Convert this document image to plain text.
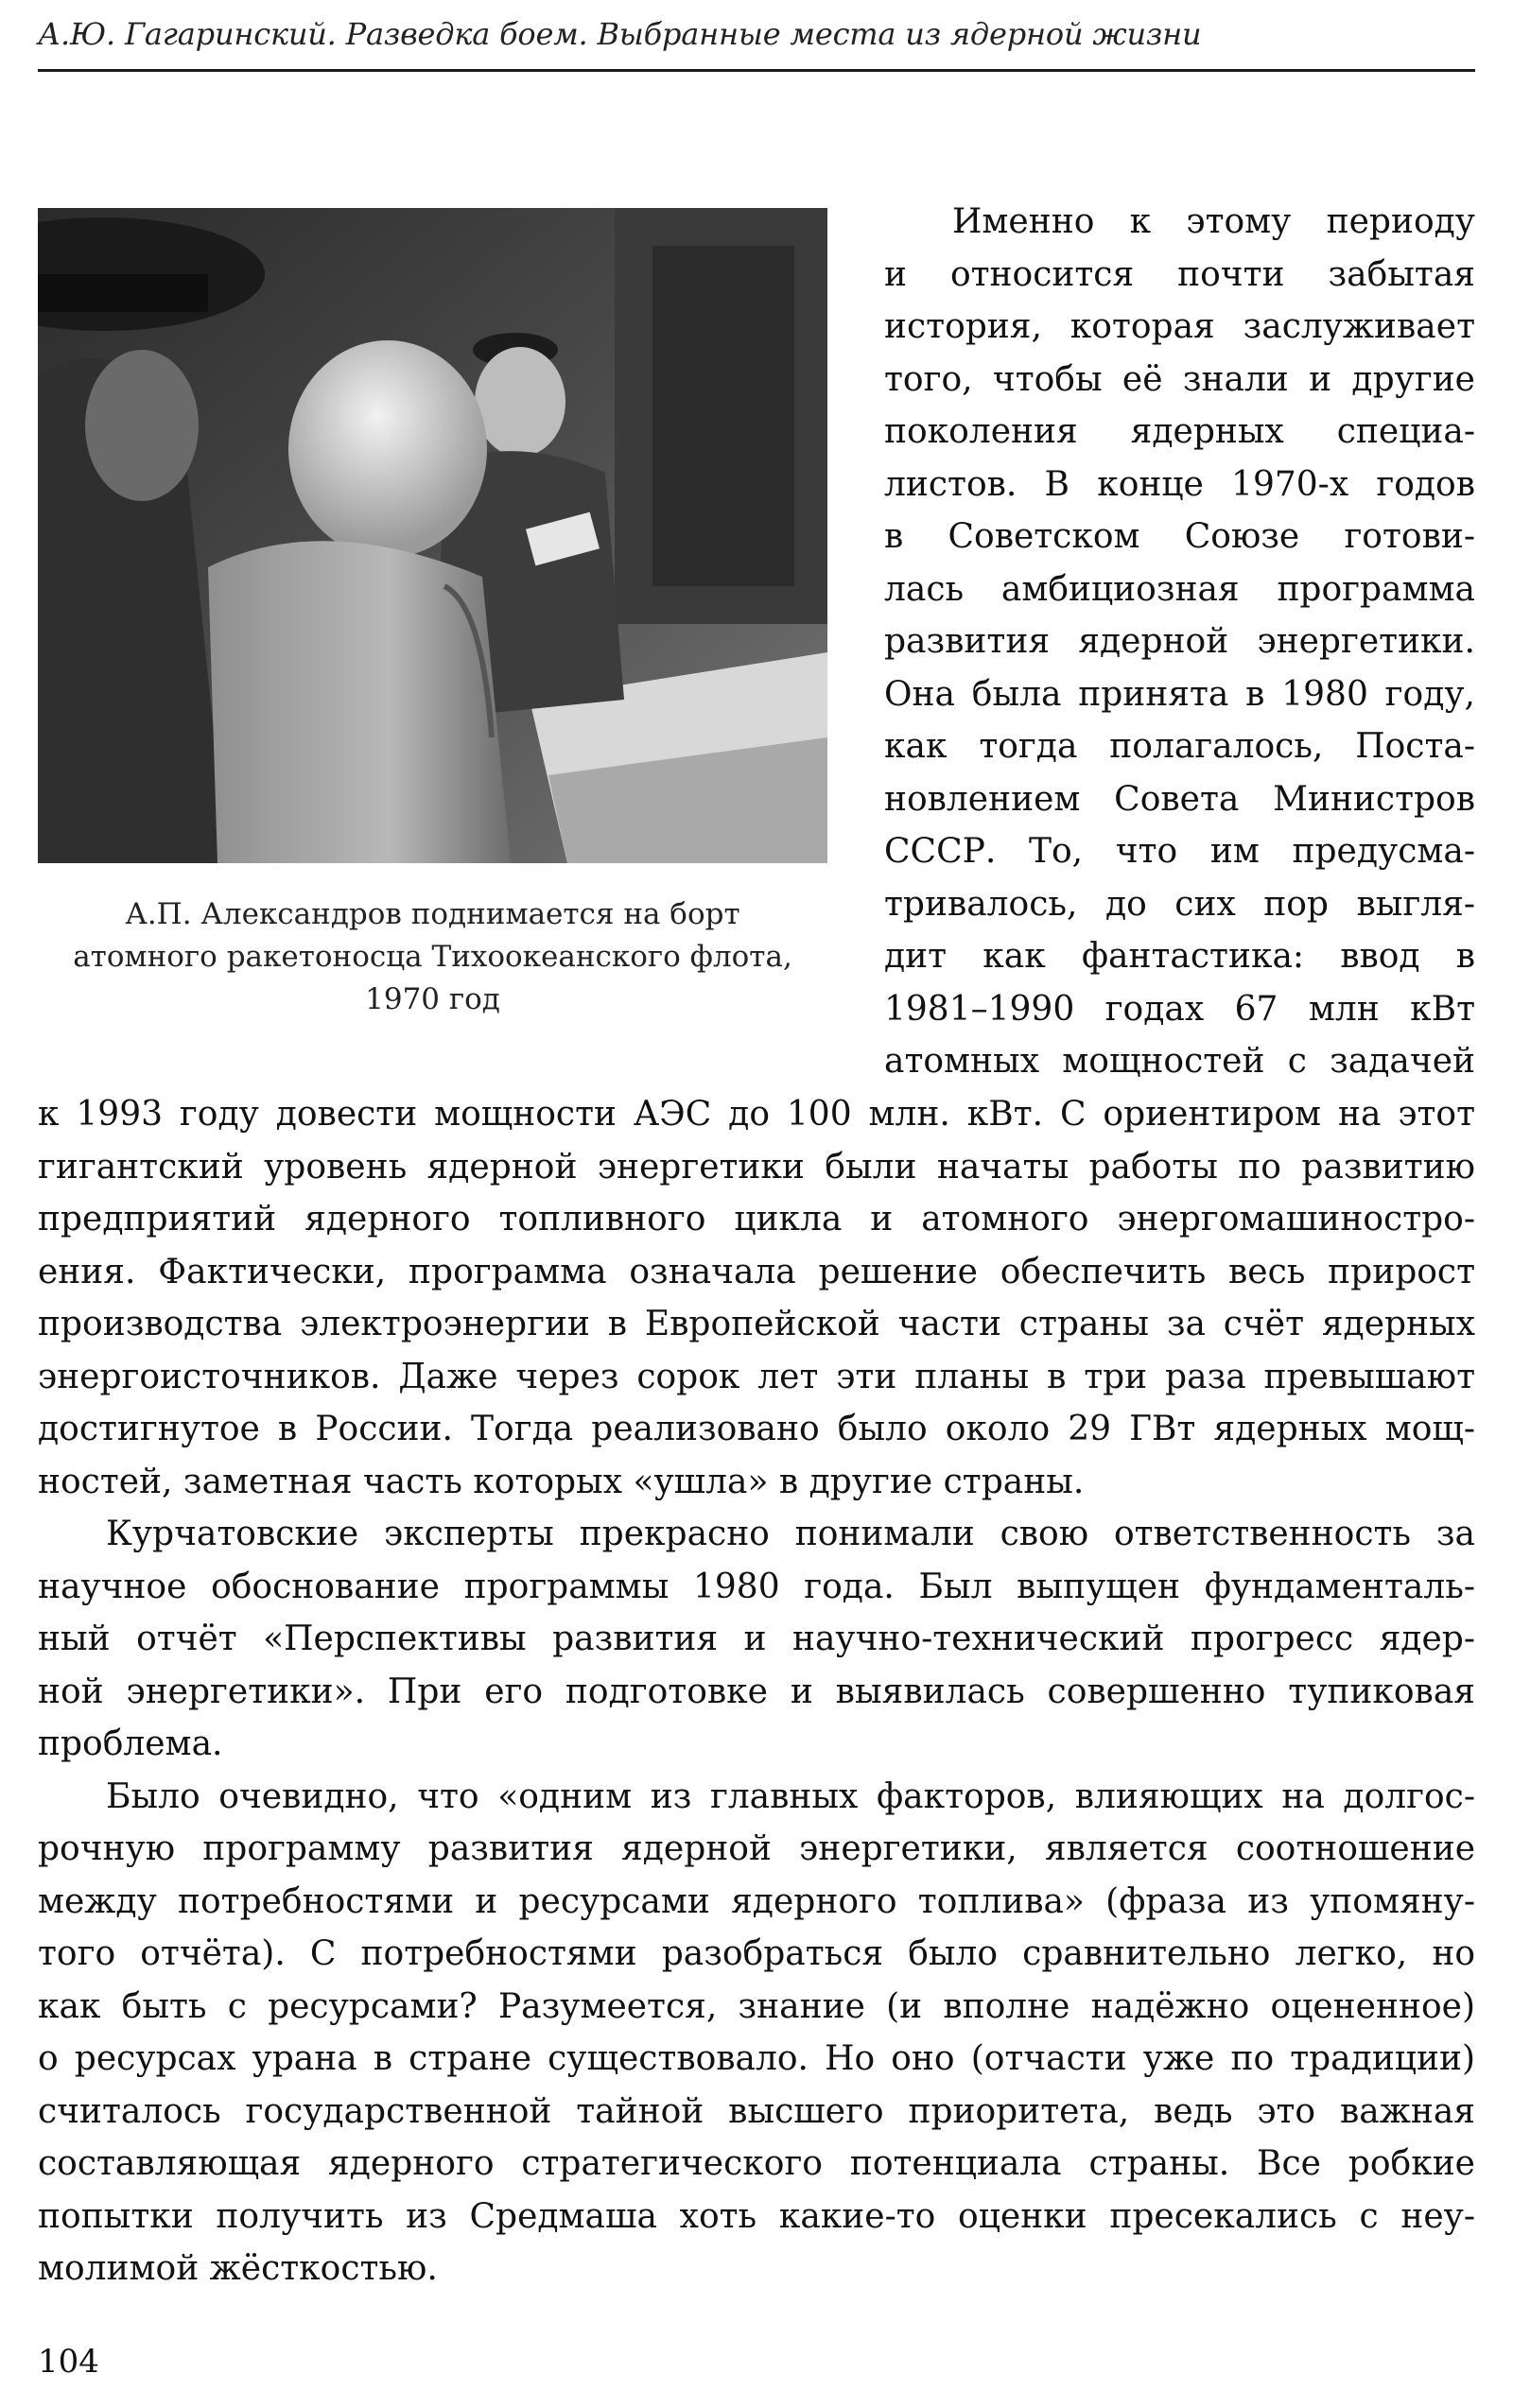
А.Ю. Гагаринский. Разведка боем. Выбранные места из ядерной жизни
А.П. Александров поднимается на борт
атомного ракетоносца Тихоокеанского флота,
1970 год
Именно к этому периоду
и относится почти забытая
история, которая заслуживает
того, чтобы её знали и другие
поколения ядерных специа-
листов. В конце 1970-х годов
в Советском Союзе готови-
лась амбициозная программа
развития ядерной энергетики.
Она была принята в 1980 году,
как тогда полагалось, Поста-
новлением Совета Министров
СССР. То, что им предусма-
тривалось, до сих пор выгля-
дит как фантастика: ввод в
1981–1990 годах 67 млн кВт
атомных мощностей с задачей
к 1993 году довести мощности АЭС до 100 млн. кВт. С ориентиром на этот
гигантский уровень ядерной энергетики были начаты работы по развитию
предприятий ядерного топливного цикла и атомного энергомашиностро-
ения. Фактически, программа означала решение обеспечить весь прирост
производства электроэнергии в Европейской части страны за счёт ядерных
энергоисточников. Даже через сорок лет эти планы в три раза превышают
достигнутое в России. Тогда реализовано было около 29 ГВт ядерных мощ-
ностей, заметная часть которых «ушла» в другие страны.
Курчатовские эксперты прекрасно понимали свою ответственность за
научное обоснование программы 1980 года. Был выпущен фундаменталь-
ный отчёт «Перспективы развития и научно-технический прогресс ядер-
ной энергетики». При его подготовке и выявилась совершенно тупиковая
проблема.
Было очевидно, что «одним из главных факторов, влияющих на долгос-
рочную программу развития ядерной энергетики, является соотношение
между потребностями и ресурсами ядерного топлива» (фраза из упомяну-
того отчёта). С потребностями разобраться было сравнительно легко, но
как быть с ресурсами? Разумеется, знание (и вполне надёжно оцененное)
о ресурсах урана в стране существовало. Но оно (отчасти уже по традиции)
считалось государственной тайной высшего приоритета, ведь это важная
составляющая ядерного стратегического потенциала страны. Все робкие
попытки получить из Средмаша хоть какие-то оценки пресекались с неу-
молимой жёсткостью.
104
